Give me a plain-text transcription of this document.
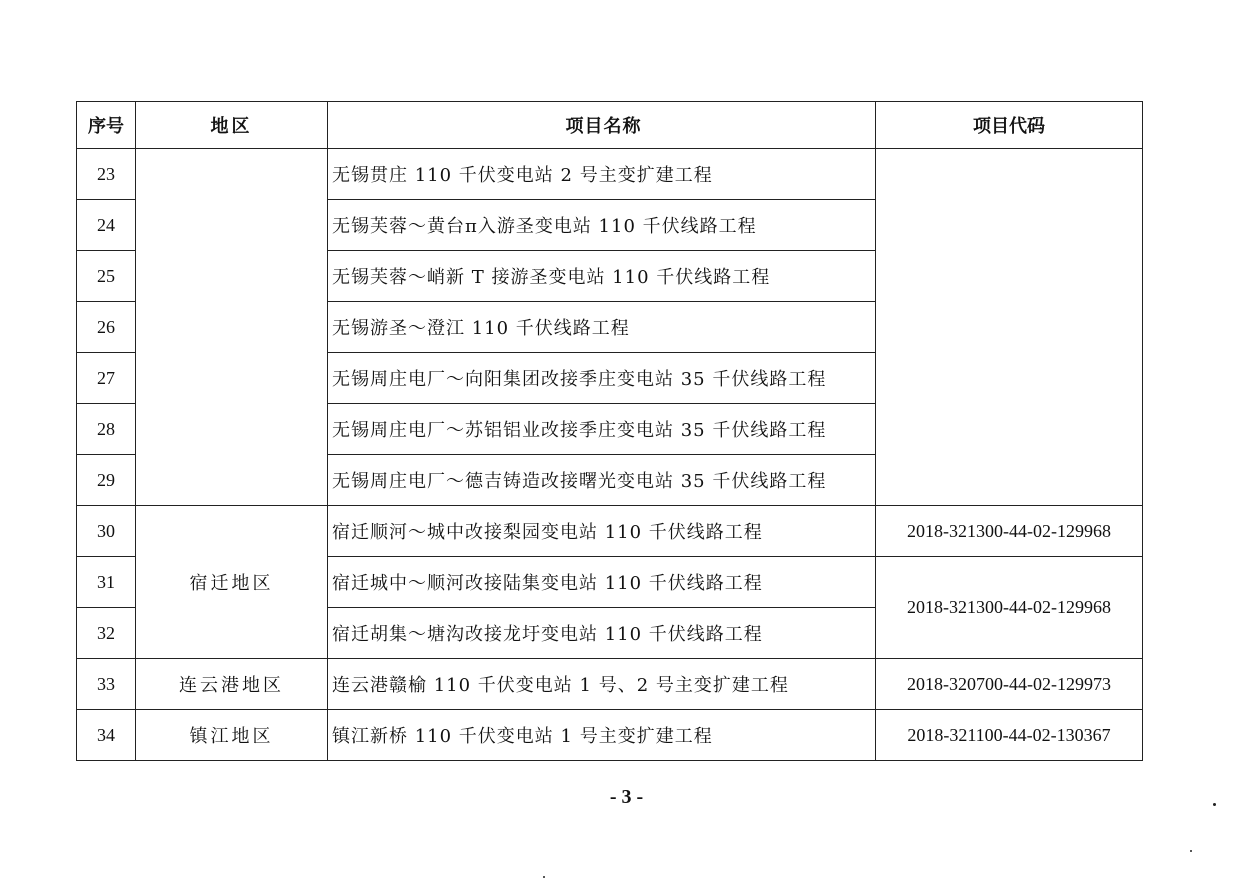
序号	地区	项目名称	项目代码
23		无锡贯庄 110 千伏变电站 2 号主变扩建工程	
24		无锡芙蓉～黄台π入游圣变电站 110 千伏线路工程	
25		无锡芙蓉～峭新 T 接游圣变电站 110 千伏线路工程	
26		无锡游圣～澄江 110 千伏线路工程	
27		无锡周庄电厂～向阳集团改接季庄变电站 35 千伏线路工程	
28		无锡周庄电厂～苏铝铝业改接季庄变电站 35 千伏线路工程	
29		无锡周庄电厂～德吉铸造改接曙光变电站 35 千伏线路工程	
30	宿迁地区	宿迁顺河～城中改接梨园变电站 110 千伏线路工程	2018-321300-44-02-129968
31		宿迁城中～顺河改接陆集变电站 110 千伏线路工程	2018-321300-44-02-129968
32		宿迁胡集～塘沟改接龙圩变电站 110 千伏线路工程	
33	连云港地区	连云港赣榆 110 千伏变电站 1 号、2 号主变扩建工程	2018-320700-44-02-129973
34	镇江地区	镇江新桥 110 千伏变电站 1 号主变扩建工程	2018-321100-44-02-130367
- 3 -
